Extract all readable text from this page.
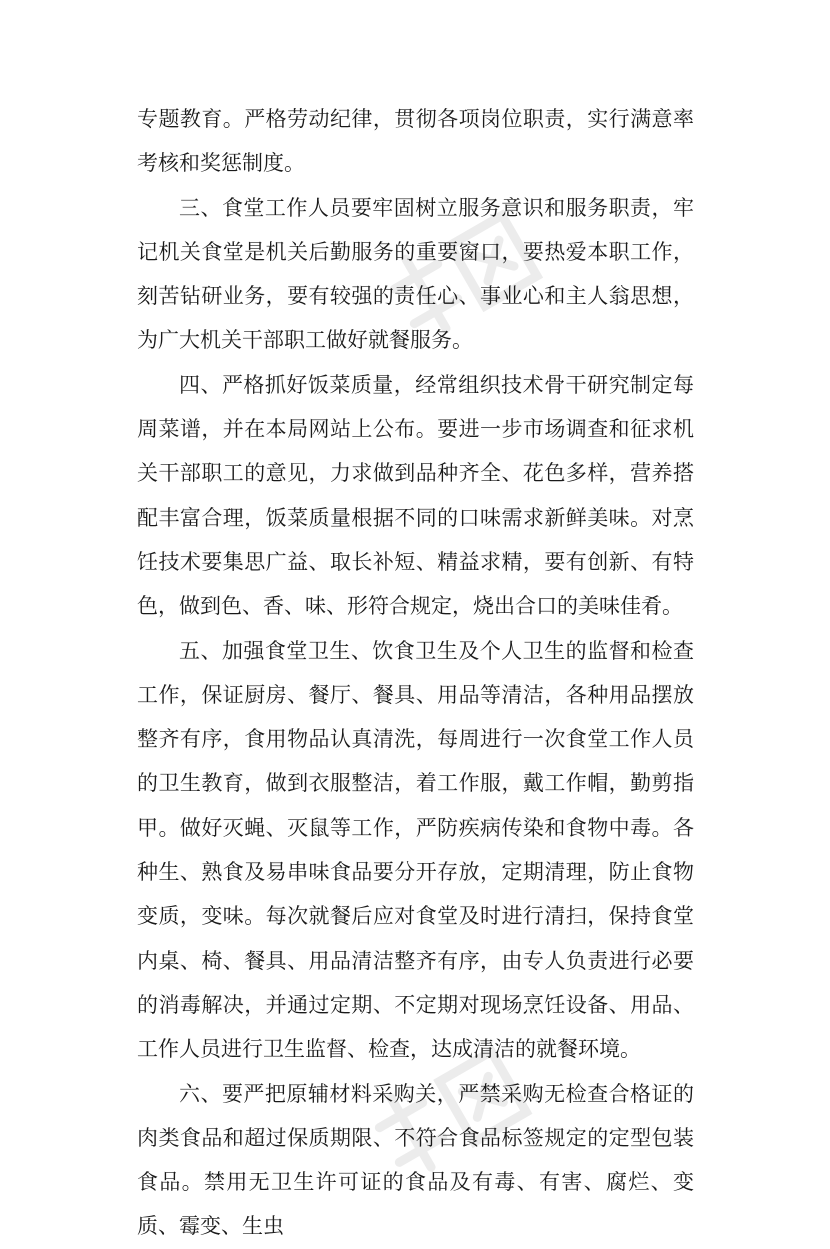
专题教育。严格劳动纪律，贯彻各项岗位职责，实行满意率考核和奖惩制度。

三、食堂工作人员要牢固树立服务意识和服务职责，牢记机关食堂是机关后勤服务的重要窗口，要热爱本职工作，刻苦钻研业务，要有较强的责任心、事业心和主人翁思想，为广大机关干部职工做好就餐服务。

四、严格抓好饭菜质量，经常组织技术骨干研究制定每周菜谱，并在本局网站上公布。要进一步市场调查和征求机关干部职工的意见，力求做到品种齐全、花色多样，营养搭配丰富合理，饭菜质量根据不同的口味需求新鲜美味。对烹饪技术要集思广益、取长补短、精益求精，要有创新、有特色，做到色、香、味、形符合规定，烧出合口的美味佳肴。

五、加强食堂卫生、饮食卫生及个人卫生的监督和检查工作，保证厨房、餐厅、餐具、用品等清洁，各种用品摆放整齐有序，食用物品认真清洗，每周进行一次食堂工作人员的卫生教育，做到衣服整洁，着工作服，戴工作帽，勤剪指甲。做好灭蝇、灭鼠等工作，严防疾病传染和食物中毒。各种生、熟食及易串味食品要分开存放，定期清理，防止食物变质，变味。每次就餐后应对食堂及时进行清扫，保持食堂内桌、椅、餐具、用品清洁整齐有序，由专人负责进行必要的消毒解决，并通过定期、不定期对现场烹饪设备、用品、工作人员进行卫生监督、检查，达成清洁的就餐环境。

六、要严把原辅材料采购关，严禁采购无检查合格证的肉类食品和超过保质期限、不符合食品标签规定的定型包装食品。禁用无卫生许可证的食品及有毒、有害、腐烂、变质、霉变、生虫
